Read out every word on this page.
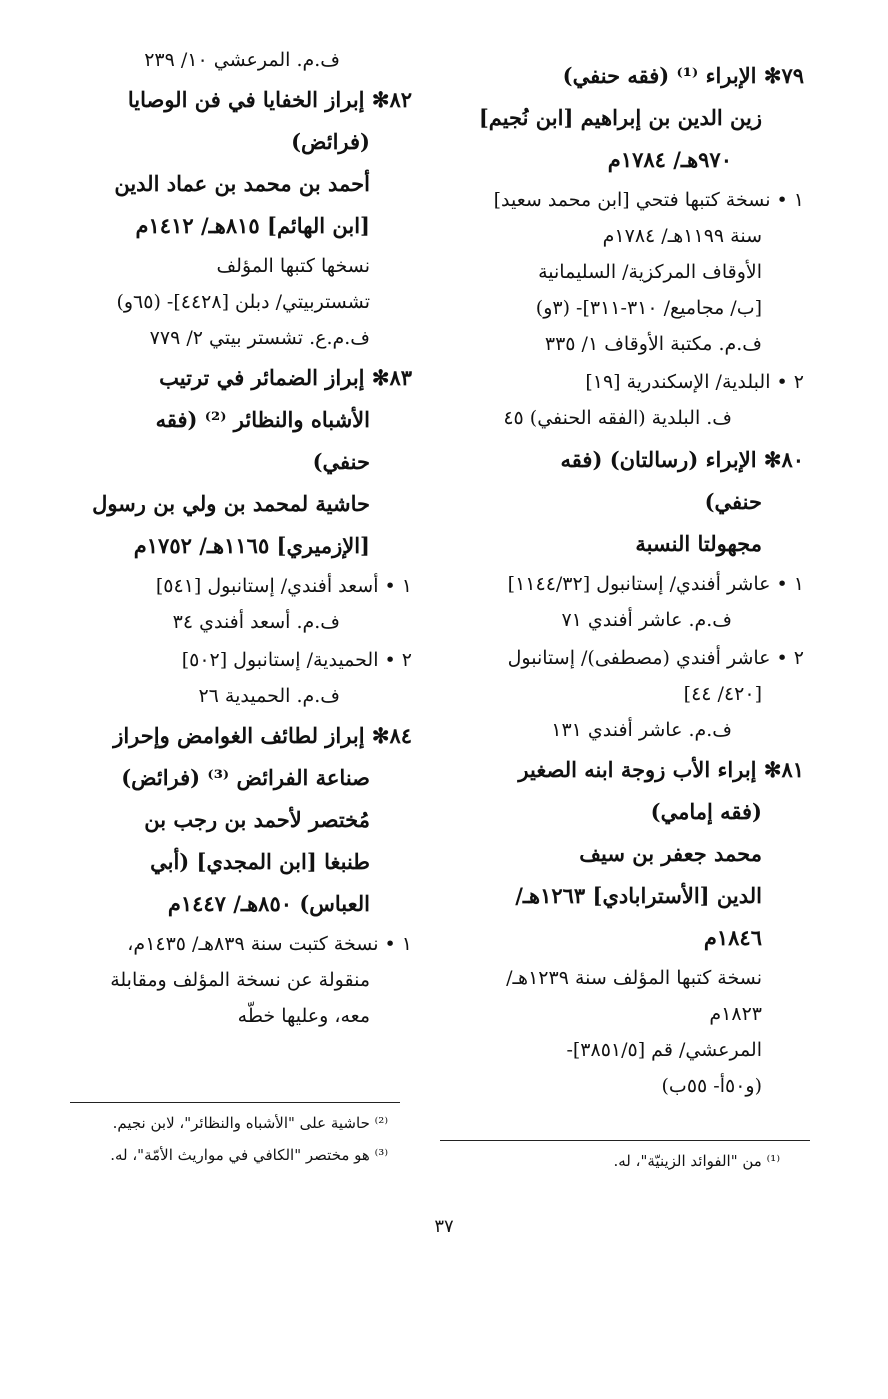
٧٩✻ الإبراء ⁽¹⁾ (فقه حنفي)
زين الدين بن إبراهيم [ابن نُجيم]
٩٧٠هـ/ ١٧٨٤م
١ • نسخة كتبها فتحي [ابن محمد سعيد]
سنة ١١٩٩هـ/ ١٧٨٤م
الأوقاف المركزية/ السليمانية
[ب/ مجاميع/ ٣١٠-٣١١]- (٣و)
ف.م. مكتبة الأوقاف ١/ ٣٣٥
٢ • البلدية/ الإسكندرية [١٩]
ف. البلدية (الفقه الحنفي) ٤٥
٨٠✻ الإبراء (رسالتان) (فقه
حنفي)
مجهولتا النسبة
١ • عاشر أفندي/ إستانبول [١١٤٤/٣٢]
ف.م. عاشر أفندي ٧١
٢ • عاشر أفندي (مصطفى)/ إستانبول
[٤٢٠/ ٤٤]
ف.م. عاشر أفندي ١٣١
٨١✻ إبراء الأب زوجة ابنه الصغير
(فقه إمامي)
محمد جعفر بن سيف
الدين [الأسترابادي] ١٢٦٣هـ/
١٨٤٦م
نسخة كتبها المؤلف سنة ١٢٣٩هـ/
١٨٢٣م
المرعشي/ قم [٣٨٥١/٥]-
(و٥٠أ- ٥٥ب)
ف.م. المرعشي ١٠/ ٢٣٩
٨٢✻ إبراز الخفايا في فن الوصايا
(فرائض)
أحمد بن محمد بن عماد الدين
[ابن الهائم] ٨١٥هـ/ ١٤١٢م
نسخها كتبها المؤلف
تشستربيتي/ دبلن [٤٤٢٨]- (٦٥و)
ف.م.ع. تشستر بيتي ٢/ ٧٧٩
٨٣✻ إبراز الضمائر في ترتيب
الأشباه والنظائر ⁽²⁾ (فقه
حنفي)
حاشية لمحمد بن ولي بن رسول
[الإزميري] ١١٦٥هـ/ ١٧٥٢م
١ • أسعد أفندي/ إستانبول [٥٤١]
ف.م. أسعد أفندي ٣٤
٢ • الحميدية/ إستانبول [٥٠٢]
ف.م. الحميدية ٢٦
٨٤✻ إبراز لطائف الغوامض وإحراز
صناعة الفرائض ⁽³⁾ (فرائض)
مُختصر لأحمد بن رجب بن
طنبغا [ابن المجدي] (أبي
العباس) ٨٥٠هـ/ ١٤٤٧م
١ • نسخة كتبت سنة ٨٣٩هـ/ ١٤٣٥م،
منقولة عن نسخة المؤلف ومقابلة
معه، وعليها خطّه
⁽²⁾ حاشية على "الأشباه والنظائر"، لابن نجيم.
⁽³⁾ هو مختصر "الكافي في مواريث الأمّة"، له.	⁽¹⁾ من "الفوائد الزينيّة"، له.
٣٧
